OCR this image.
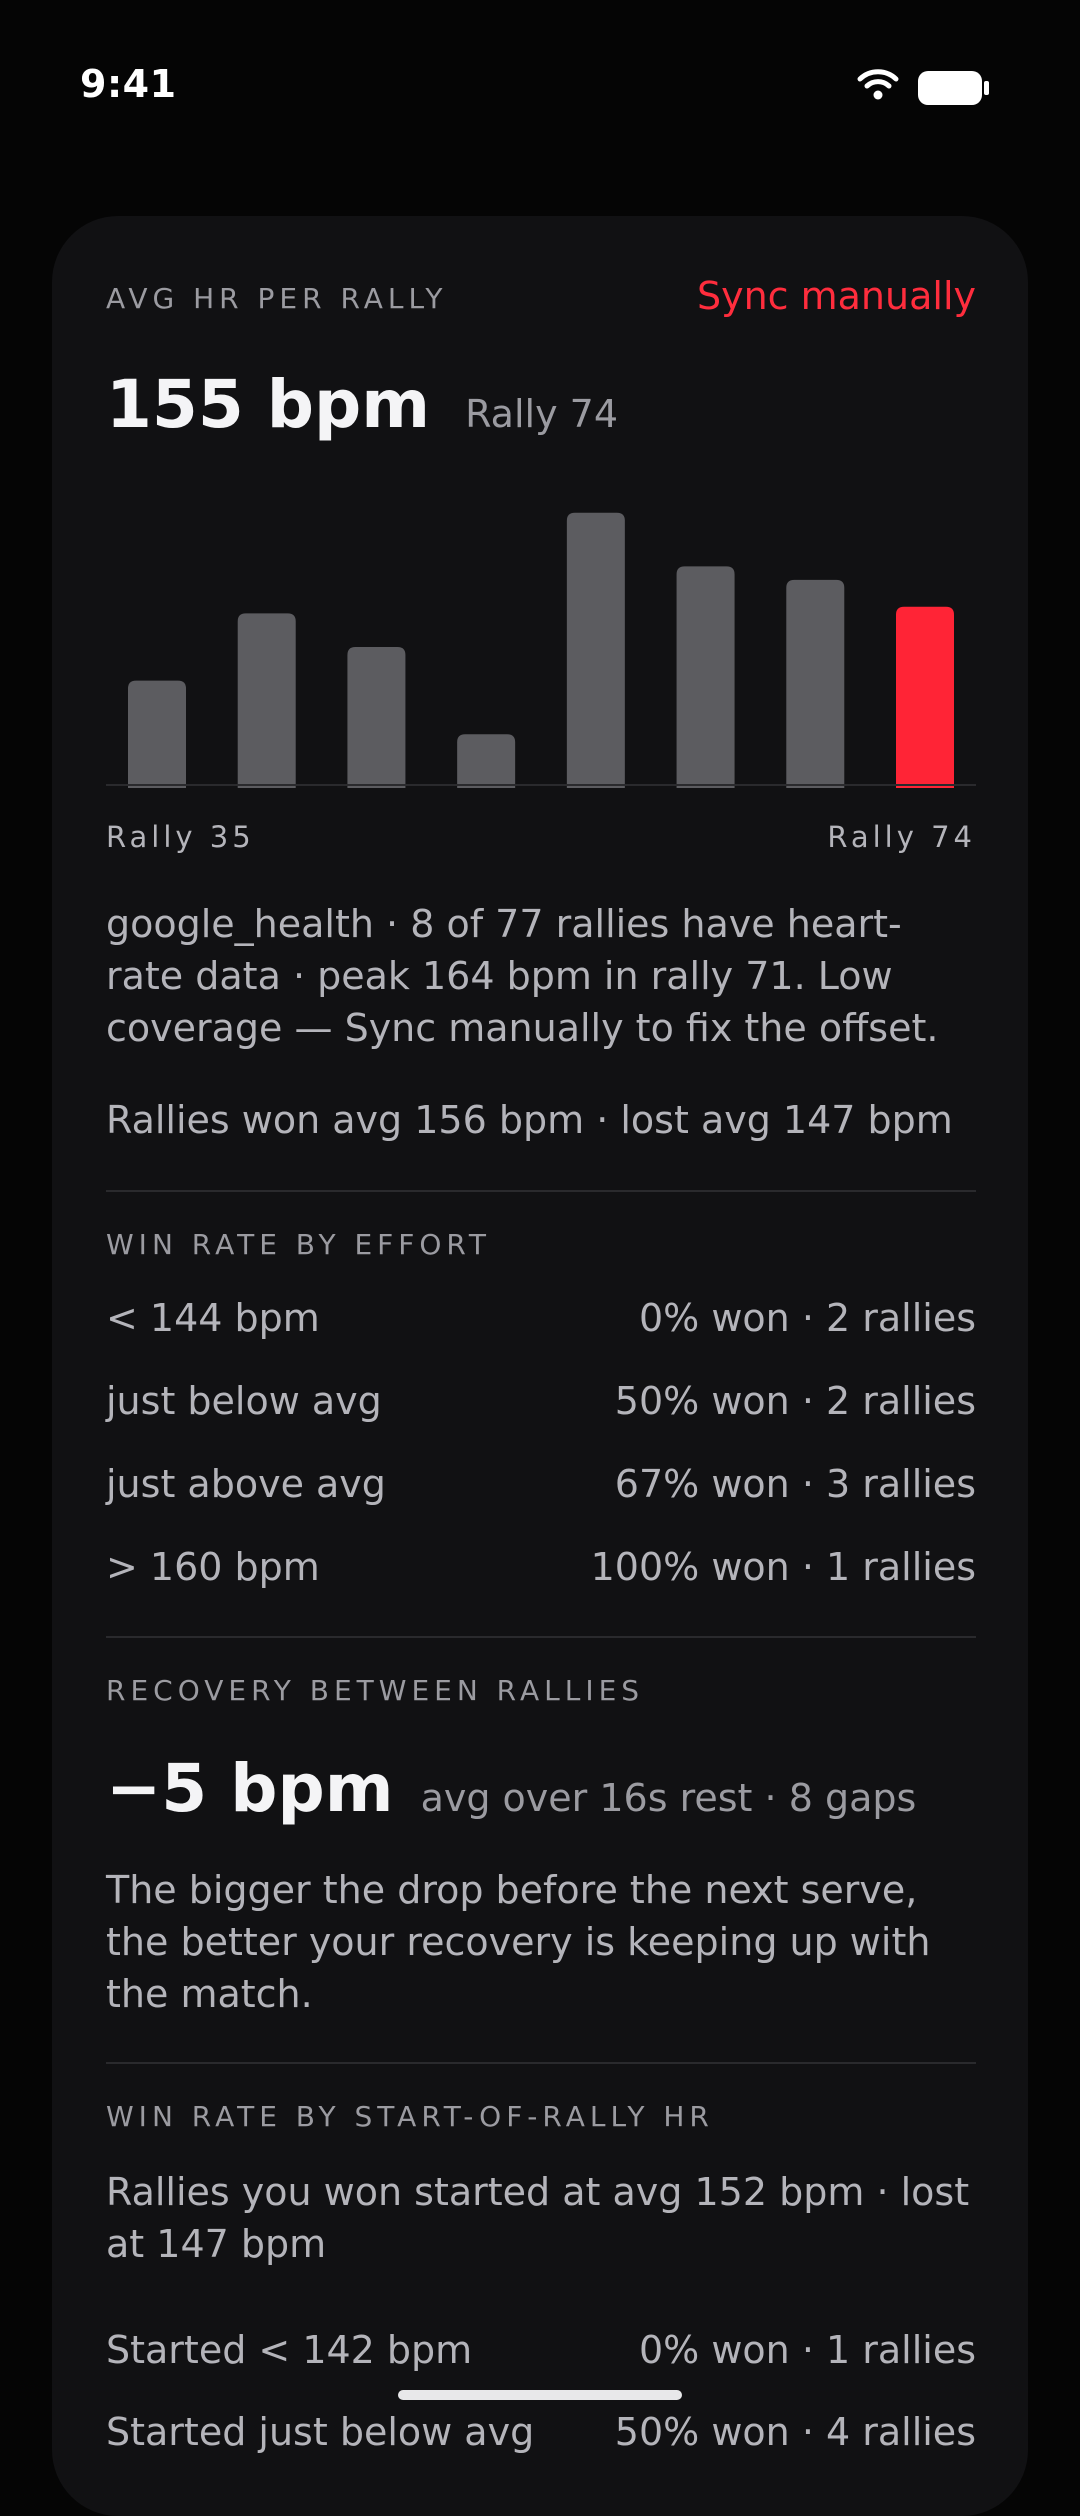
9:41
AVG HR PER RALLY	Sync manually
155 bpm Rally 74
Rally 35	Rally 74
google_health · 8 of 77 rallies have heart-rate data · peak 164 bpm in rally 71. Low coverage — Sync manually to fix the offset.
Rallies won avg 156 bpm · lost avg 147 bpm
WIN RATE BY EFFORT
< 144 bpm	0% won · 2 rallies
just below avg	50% won · 2 rallies
just above avg	67% won · 3 rallies
> 160 bpm	100% won · 1 rallies
RECOVERY BETWEEN RALLIES
−5 bpm avg over 16s rest · 8 gaps
The bigger the drop before the next serve, the better your recovery is keeping up with the match.
WIN RATE BY START-OF-RALLY HR
Rallies you won started at avg 152 bpm · lost at 147 bpm
Started < 142 bpm	0% won · 1 rallies
Started just below avg 50% won · 4 rallies
